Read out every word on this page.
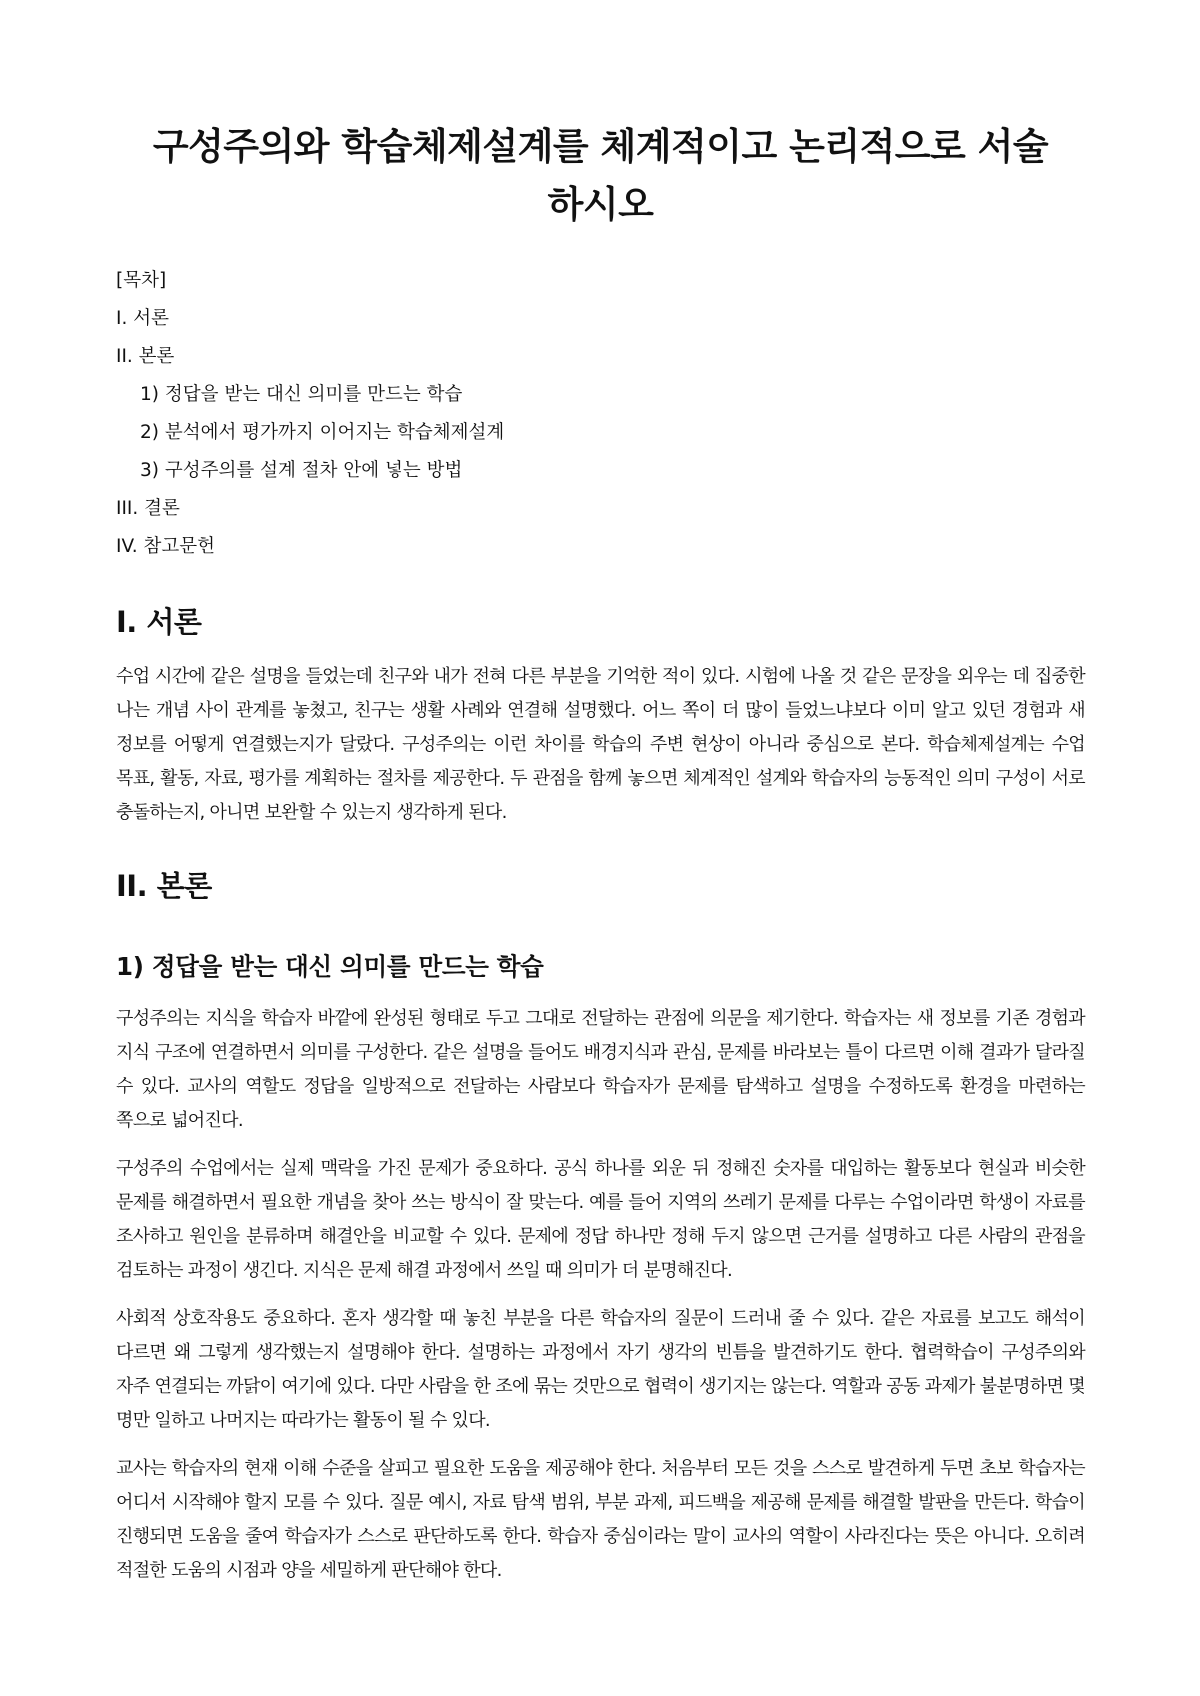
구성주의와 학습체제설계를 체계적이고 논리적으로 서술하시오
[목차]
I. 서론
II. 본론
1) 정답을 받는 대신 의미를 만드는 학습
2) 분석에서 평가까지 이어지는 학습체제설계
3) 구성주의를 설계 절차 안에 넣는 방법
III. 결론
IV. 참고문헌
I. 서론

수업 시간에 같은 설명을 들었는데 친구와 내가 전혀 다른 부분을 기억한 적이 있다. 시험에 나올 것 같은 문장을 외우는 데 집중한 나는 개념 사이 관계를 놓쳤고, 친구는 생활 사례와 연결해 설명했다. 어느 쪽이 더 많이 들었느냐보다 이미 알고 있던 경험과 새 정보를 어떻게 연결했는지가 달랐다. 구성주의는 이런 차이를 학습의 주변 현상이 아니라 중심으로 본다. 학습체제설계는 수업 목표, 활동, 자료, 평가를 계획하는 절차를 제공한다. 두 관점을 함께 놓으면 체계적인 설계와 학습자의 능동적인 의미 구성이 서로 충돌하는지, 아니면 보완할 수 있는지 생각하게 된다.

II. 본론
1) 정답을 받는 대신 의미를 만드는 학습

구성주의는 지식을 학습자 바깥에 완성된 형태로 두고 그대로 전달하는 관점에 의문을 제기한다. 학습자는 새 정보를 기존 경험과 지식 구조에 연결하면서 의미를 구성한다. 같은 설명을 들어도 배경지식과 관심, 문제를 바라보는 틀이 다르면 이해 결과가 달라질 수 있다. 교사의 역할도 정답을 일방적으로 전달하는 사람보다 학습자가 문제를 탐색하고 설명을 수정하도록 환경을 마련하는 쪽으로 넓어진다.

구성주의 수업에서는 실제 맥락을 가진 문제가 중요하다. 공식 하나를 외운 뒤 정해진 숫자를 대입하는 활동보다 현실과 비슷한 문제를 해결하면서 필요한 개념을 찾아 쓰는 방식이 잘 맞는다. 예를 들어 지역의 쓰레기 문제를 다루는 수업이라면 학생이 자료를 조사하고 원인을 분류하며 해결안을 비교할 수 있다. 문제에 정답 하나만 정해 두지 않으면 근거를 설명하고 다른 사람의 관점을 검토하는 과정이 생긴다. 지식은 문제 해결 과정에서 쓰일 때 의미가 더 분명해진다.

사회적 상호작용도 중요하다. 혼자 생각할 때 놓친 부분을 다른 학습자의 질문이 드러내 줄 수 있다. 같은 자료를 보고도 해석이 다르면 왜 그렇게 생각했는지 설명해야 한다. 설명하는 과정에서 자기 생각의 빈틈을 발견하기도 한다. 협력학습이 구성주의와 자주 연결되는 까닭이 여기에 있다. 다만 사람을 한 조에 묶는 것만으로 협력이 생기지는 않는다. 역할과 공동 과제가 불분명하면 몇 명만 일하고 나머지는 따라가는 활동이 될 수 있다.

교사는 학습자의 현재 이해 수준을 살피고 필요한 도움을 제공해야 한다. 처음부터 모든 것을 스스로 발견하게 두면 초보 학습자는 어디서 시작해야 할지 모를 수 있다. 질문 예시, 자료 탐색 범위, 부분 과제, 피드백을 제공해 문제를 해결할 발판을 만든다. 학습이 진행되면 도움을 줄여 학습자가 스스로 판단하도록 한다. 학습자 중심이라는 말이 교사의 역할이 사라진다는 뜻은 아니다. 오히려 적절한 도움의 시점과 양을 세밀하게 판단해야 한다.
